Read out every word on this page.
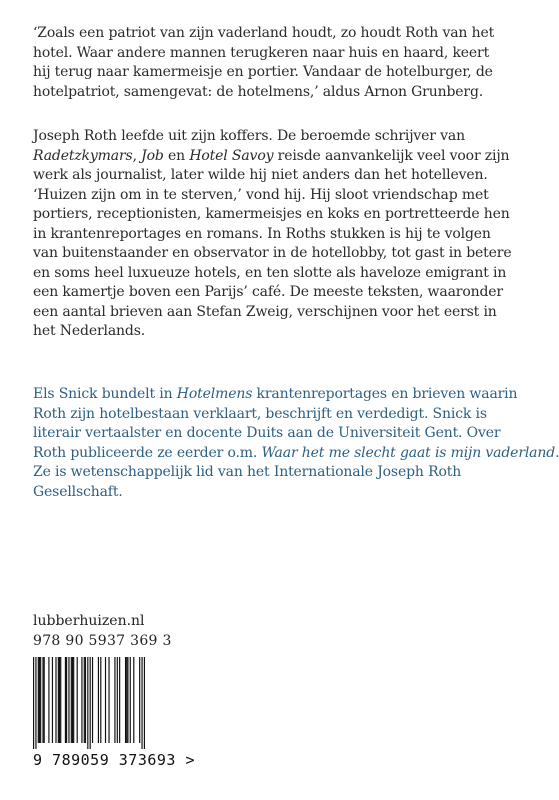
‘Zoals een patriot van zijn vaderland houdt, zo houdt Roth van het
hotel. Waar andere mannen terugkeren naar huis en haard, keert
hij terug naar kamermeisje en portier. Vandaar de hotelburger, de
hotelpatriot, samengevat: de hotelmens,’ aldus Arnon Grunberg.
Joseph Roth leefde uit zijn koffers. De beroemde schrijver van
Radetzkymars, Job en Hotel Savoy reisde aanvankelijk veel voor zijn
werk als journalist, later wilde hij niet anders dan het hotelleven.
‘Huizen zijn om in te sterven,’ vond hij. Hij sloot vriendschap met
portiers, receptionisten, kamermeisjes en koks en portretteerde hen
in krantenreportages en romans. In Roths stukken is hij te volgen
van buitenstaander en observator in de hotellobby, tot gast in betere
en soms heel luxueuze hotels, en ten slotte als haveloze emigrant in
een kamertje boven een Parijs’ café. De meeste teksten, waaronder
een aantal brieven aan Stefan Zweig, verschijnen voor het eerst in
het Nederlands.
Els Snick bundelt in Hotelmens krantenreportages en brieven waarin
Roth zijn hotelbestaan verklaart, beschrijft en verdedigt. Snick is
literair vertaalster en docente Duits aan de Universiteit Gent. Over
Roth publiceerde ze eerder o.m. Waar het me slecht gaat is mijn vaderland.
Ze is wetenschappelijk lid van het Internationale Joseph Roth
Gesellschaft.
lubberhuizen.nl
978 90 5937 369 3
9 789059 373693 >
